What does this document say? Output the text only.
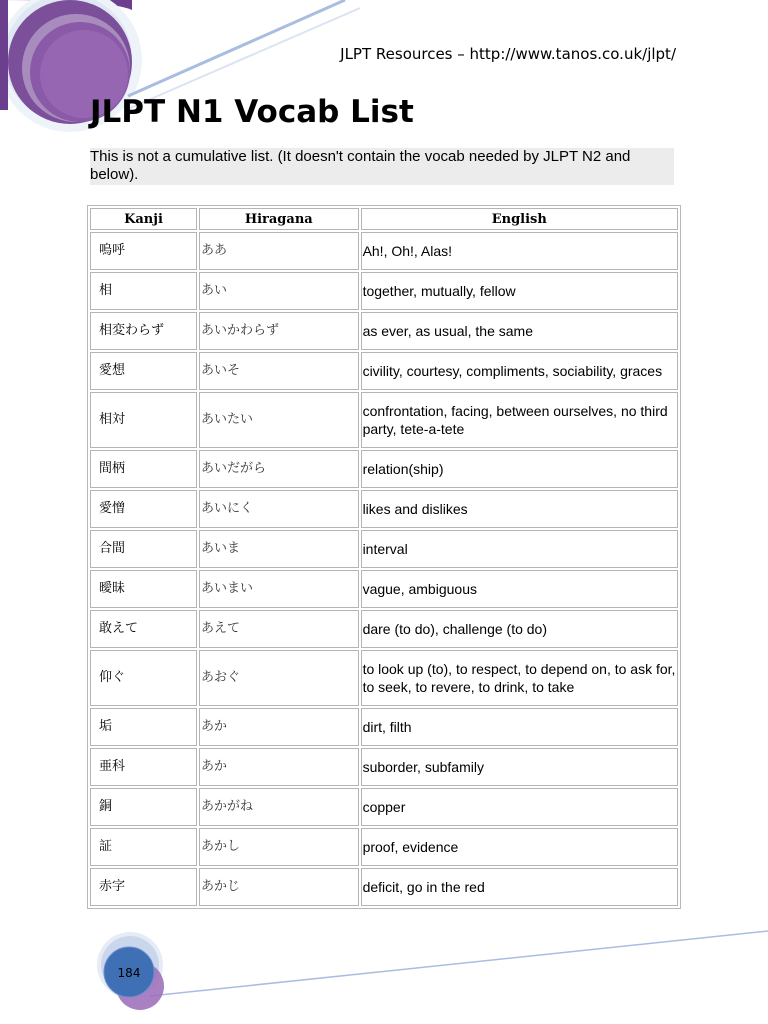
JLPT Resources – http://www.tanos.co.uk/jlpt/
JLPT N1 Vocab List
This is not a cumulative list. (It doesn't contain the vocab needed by JLPT N2 and below).
Kanji	Hiragana	English
嗚呼	ああ	Ah!, Oh!, Alas!
相	あい	together, mutually, fellow
相変わらず	あいかわらず	as ever, as usual, the same
愛想	あいそ	civility, courtesy, compliments, sociability, graces
相対	あいたい	confrontation, facing, between ourselves, no third party, tete-a-tete
間柄	あいだがら	relation(ship)
愛憎	あいにく	likes and dislikes
合間	あいま	interval
曖昧	あいまい	vague, ambiguous
敢えて	あえて	dare (to do), challenge (to do)
仰ぐ	あおぐ	to look up (to), to respect, to depend on, to ask for, to seek, to revere, to drink, to take
垢	あか	dirt, filth
亜科	あか	suborder, subfamily
銅	あかがね	copper
証	あかし	proof, evidence
赤字	あかじ	deficit, go in the red
184
